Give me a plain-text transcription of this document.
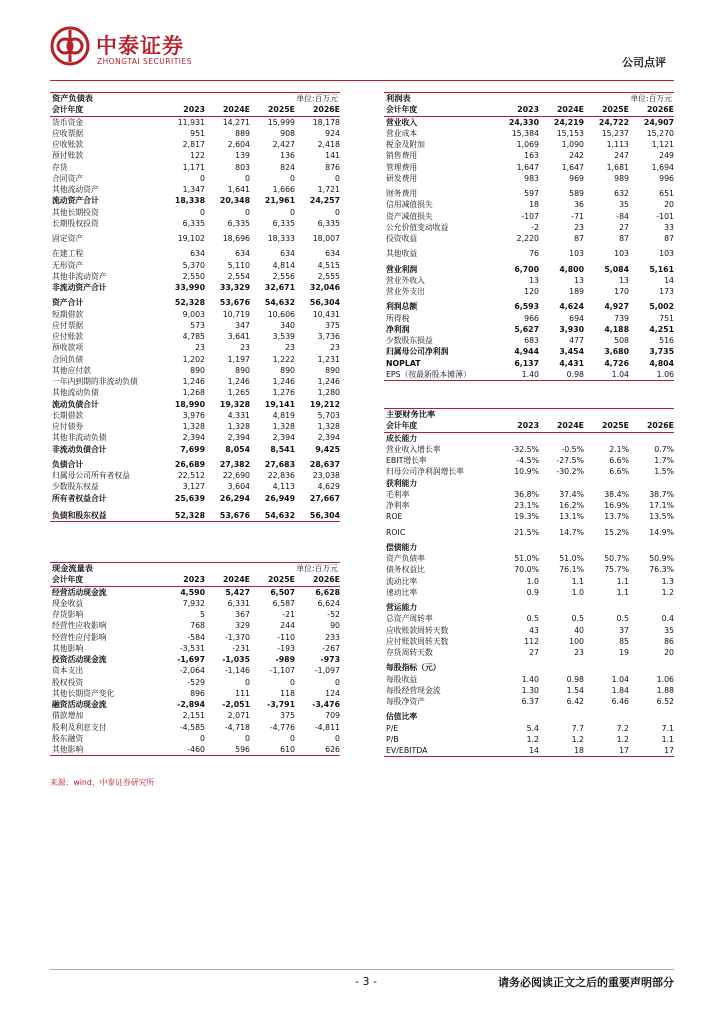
中泰证券
ZHONGTAI SECURITIES	公司点评
资产负债表	单位:百万元
会计年度	2023	2024E	2025E	2026E
货币资金	11,931	14,271	15,999	18,178
应收票据	951	889	908	924
应收账款	2,817	2,604	2,427	2,418
预付账款	122	139	136	141
存货	1,171	803	824	876
合同资产	0	0	0	0
其他流动资产	1,347	1,641	1,666	1,721
流动资产合计	18,338	20,348	21,961	24,257
其他长期投资	0	0	0	0
长期股权投资	6,335	6,335	6,335	6,335
固定资产	19,102	18,696	18,333	18,007
在建工程	634	634	634	634
无形资产	5,370	5,110	4,814	4,515
其他非流动资产	2,550	2,554	2,556	2,555
非流动资产合计	33,990	33,329	32,671	32,046
资产合计	52,328	53,676	54,632	56,304
短期借款	9,003	10,719	10,606	10,431
应付票据	573	347	340	375
应付账款	4,785	3,641	3,539	3,736
预收款项	23	23	23	23
合同负债	1,202	1,197	1,222	1,231
其他应付款	890	890	890	890
一年内到期的非流动负债	1,246	1,246	1,246	1,246
其他流动负债	1,268	1,265	1,276	1,280
流动负债合计	18,990	19,328	19,141	19,212
长期借款	3,976	4,331	4,819	5,703
应付债券	1,328	1,328	1,328	1,328
其他非流动负债	2,394	2,394	2,394	2,394
非流动负债合计	7,699	8,054	8,541	9,425
负债合计	26,689	27,382	27,683	28,637
归属母公司所有者权益	22,512	22,690	22,836	23,038
少数股东权益	3,127	3,604	4,113	4,629
所有者权益合计	25,639	26,294	26,949	27,667
负债和股东权益	52,328	53,676	54,632	56,304
现金流量表	单位:百万元
会计年度	2023	2024E	2025E	2026E
经营活动现金流	4,590	5,427	6,507	6,628
现金收益	7,932	6,331	6,587	6,624
存货影响	5	367	-21	-52
经营性应收影响	768	329	244	90
经营性应付影响	-584	-1,370	-110	233
其他影响	-3,531	-231	-193	-267
投资活动现金流	-1,697	-1,035	-989	-973
资本支出	-2,064	-1,146	-1,107	-1,097
股权投资	-529	0	0	0
其他长期资产变化	896	111	118	124
融资活动现金流	-2,894	-2,051	-3,791	-3,476
借款增加	2,151	2,071	375	709
股利及利息支付	-4,585	-4,718	-4,776	-4,811
股东融资	0	0	0	0
其他影响	-460	596	610	626
利润表	单位:百万元
会计年度	2023	2024E	2025E	2026E
营业收入	24,330	24,219	24,722	24,907
营业成本	15,384	15,153	15,237	15,270
税金及附加	1,069	1,090	1,113	1,121
销售费用	163	242	247	249
管理费用	1,647	1,647	1,681	1,694
研发费用	983	969	989	996
财务费用	597	589	632	651
信用减值损失	18	36	35	20
资产减值损失	-107	-71	-84	-101
公允价值变动收益	-2	23	27	33
投资收益	2,220	87	87	87
其他收益	76	103	103	103
营业利润	6,700	4,800	5,084	5,161
营业外收入	13	13	13	14
营业外支出	120	189	170	173
利润总额	6,593	4,624	4,927	5,002
所得税	966	694	739	751
净利润	5,627	3,930	4,188	4,251
少数股东损益	683	477	508	516
归属母公司净利润	4,944	3,454	3,680	3,735
NOPLAT	6,137	4,431	4,726	4,804
EPS（按最新股本摊薄）	1.40	0.98	1.04	1.06
主要财务比率
会计年度	2023	2024E	2025E	2026E
成长能力
营业收入增长率	-32.5%	-0.5%	2.1%	0.7%
EBIT增长率	-4.5%	-27.5%	6.6%	1.7%
归母公司净利润增长率	10.9%	-30.2%	6.6%	1.5%
获利能力
毛利率	36.8%	37.4%	38.4%	38.7%
净利率	23.1%	16.2%	16.9%	17.1%
ROE	19.3%	13.1%	13.7%	13.5%
ROIC	21.5%	14.7%	15.2%	14.9%
偿债能力
资产负债率	51.0%	51.0%	50.7%	50.9%
债务权益比	70.0%	76.1%	75.7%	76.3%
流动比率	1.0	1.1	1.1	1.3
速动比率	0.9	1.0	1.1	1.2
营运能力
总资产周转率	0.5	0.5	0.5	0.4
应收账款周转天数	43	40	37	35
应付账款周转天数	112	100	85	86
存货周转天数	27	23	19	20
每股指标（元）
每股收益	1.40	0.98	1.04	1.06
每股经营现金流	1.30	1.54	1.84	1.88
每股净资产	6.37	6.42	6.46	6.52
估值比率
P/E	5.4	7.7	7.2	7.1
P/B	1.2	1.2	1.2	1.1
EV/EBITDA	14	18	17	17
来源：wind，中泰证券研究所
- 3 -	请务必阅读正文之后的重要声明部分
